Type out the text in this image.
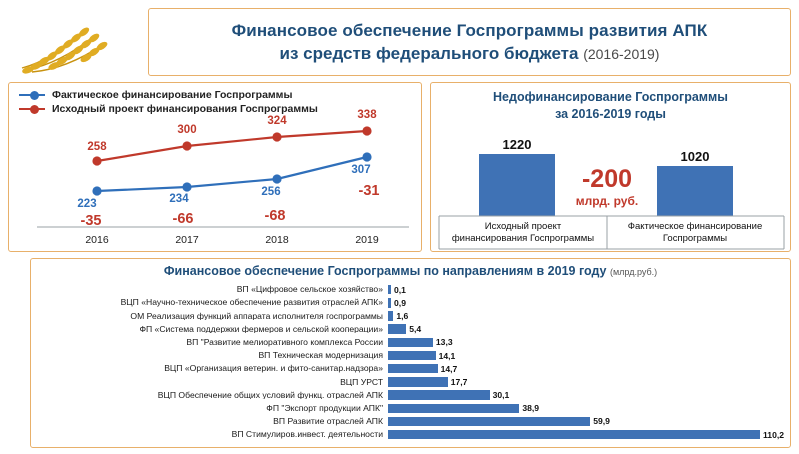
Финансовое обеспечение Госпрограммы развития АПК
из средств федерального бюджета (2016-2019)
Фактическое финансирование Госпрограммы
Исходный проект финансирования Госпрограммы
258
300
324	338
223	234
256
307
-35	-66	-68
-31
2016	2017	2018	2019
Недофинансирование Госпрограммы
за 2016-2019 годы
1220
1020
-200
млрд. руб.
Исходный проект
финансирования Госпрограммы
Фактическое финансирование
Госпрограммы
Финансовое обеспечение Госпрограммы по направлениям в 2019 году (млрд.руб.)
ВП «Цифровое сельское хозяйство»	0,1
ВЦП «Научно-техническое обеспечение развития отраслей АПК»	0,9
ОМ Реализация функций аппарата исполнителя госпрограммы	1,6
ФП «Система поддержки фермеров и сельской кооперации»	5,4
ВП "Развитие мелиоративного комплекса России	13,3
ВП Техническая модернизация	14,1
ВЦП «Организация ветерин. и фито-санитар.надзора»	14,7
ВЦП УРСТ	17,7
ВЦП Обеспечение общих условий функц. отраслей АПК	30,1
ФП "Экспорт продукции АПК"	38,9
ВП Развитие отраслей АПК	59,9
ВП Стимулиров.инвест. деятельности	110,2
